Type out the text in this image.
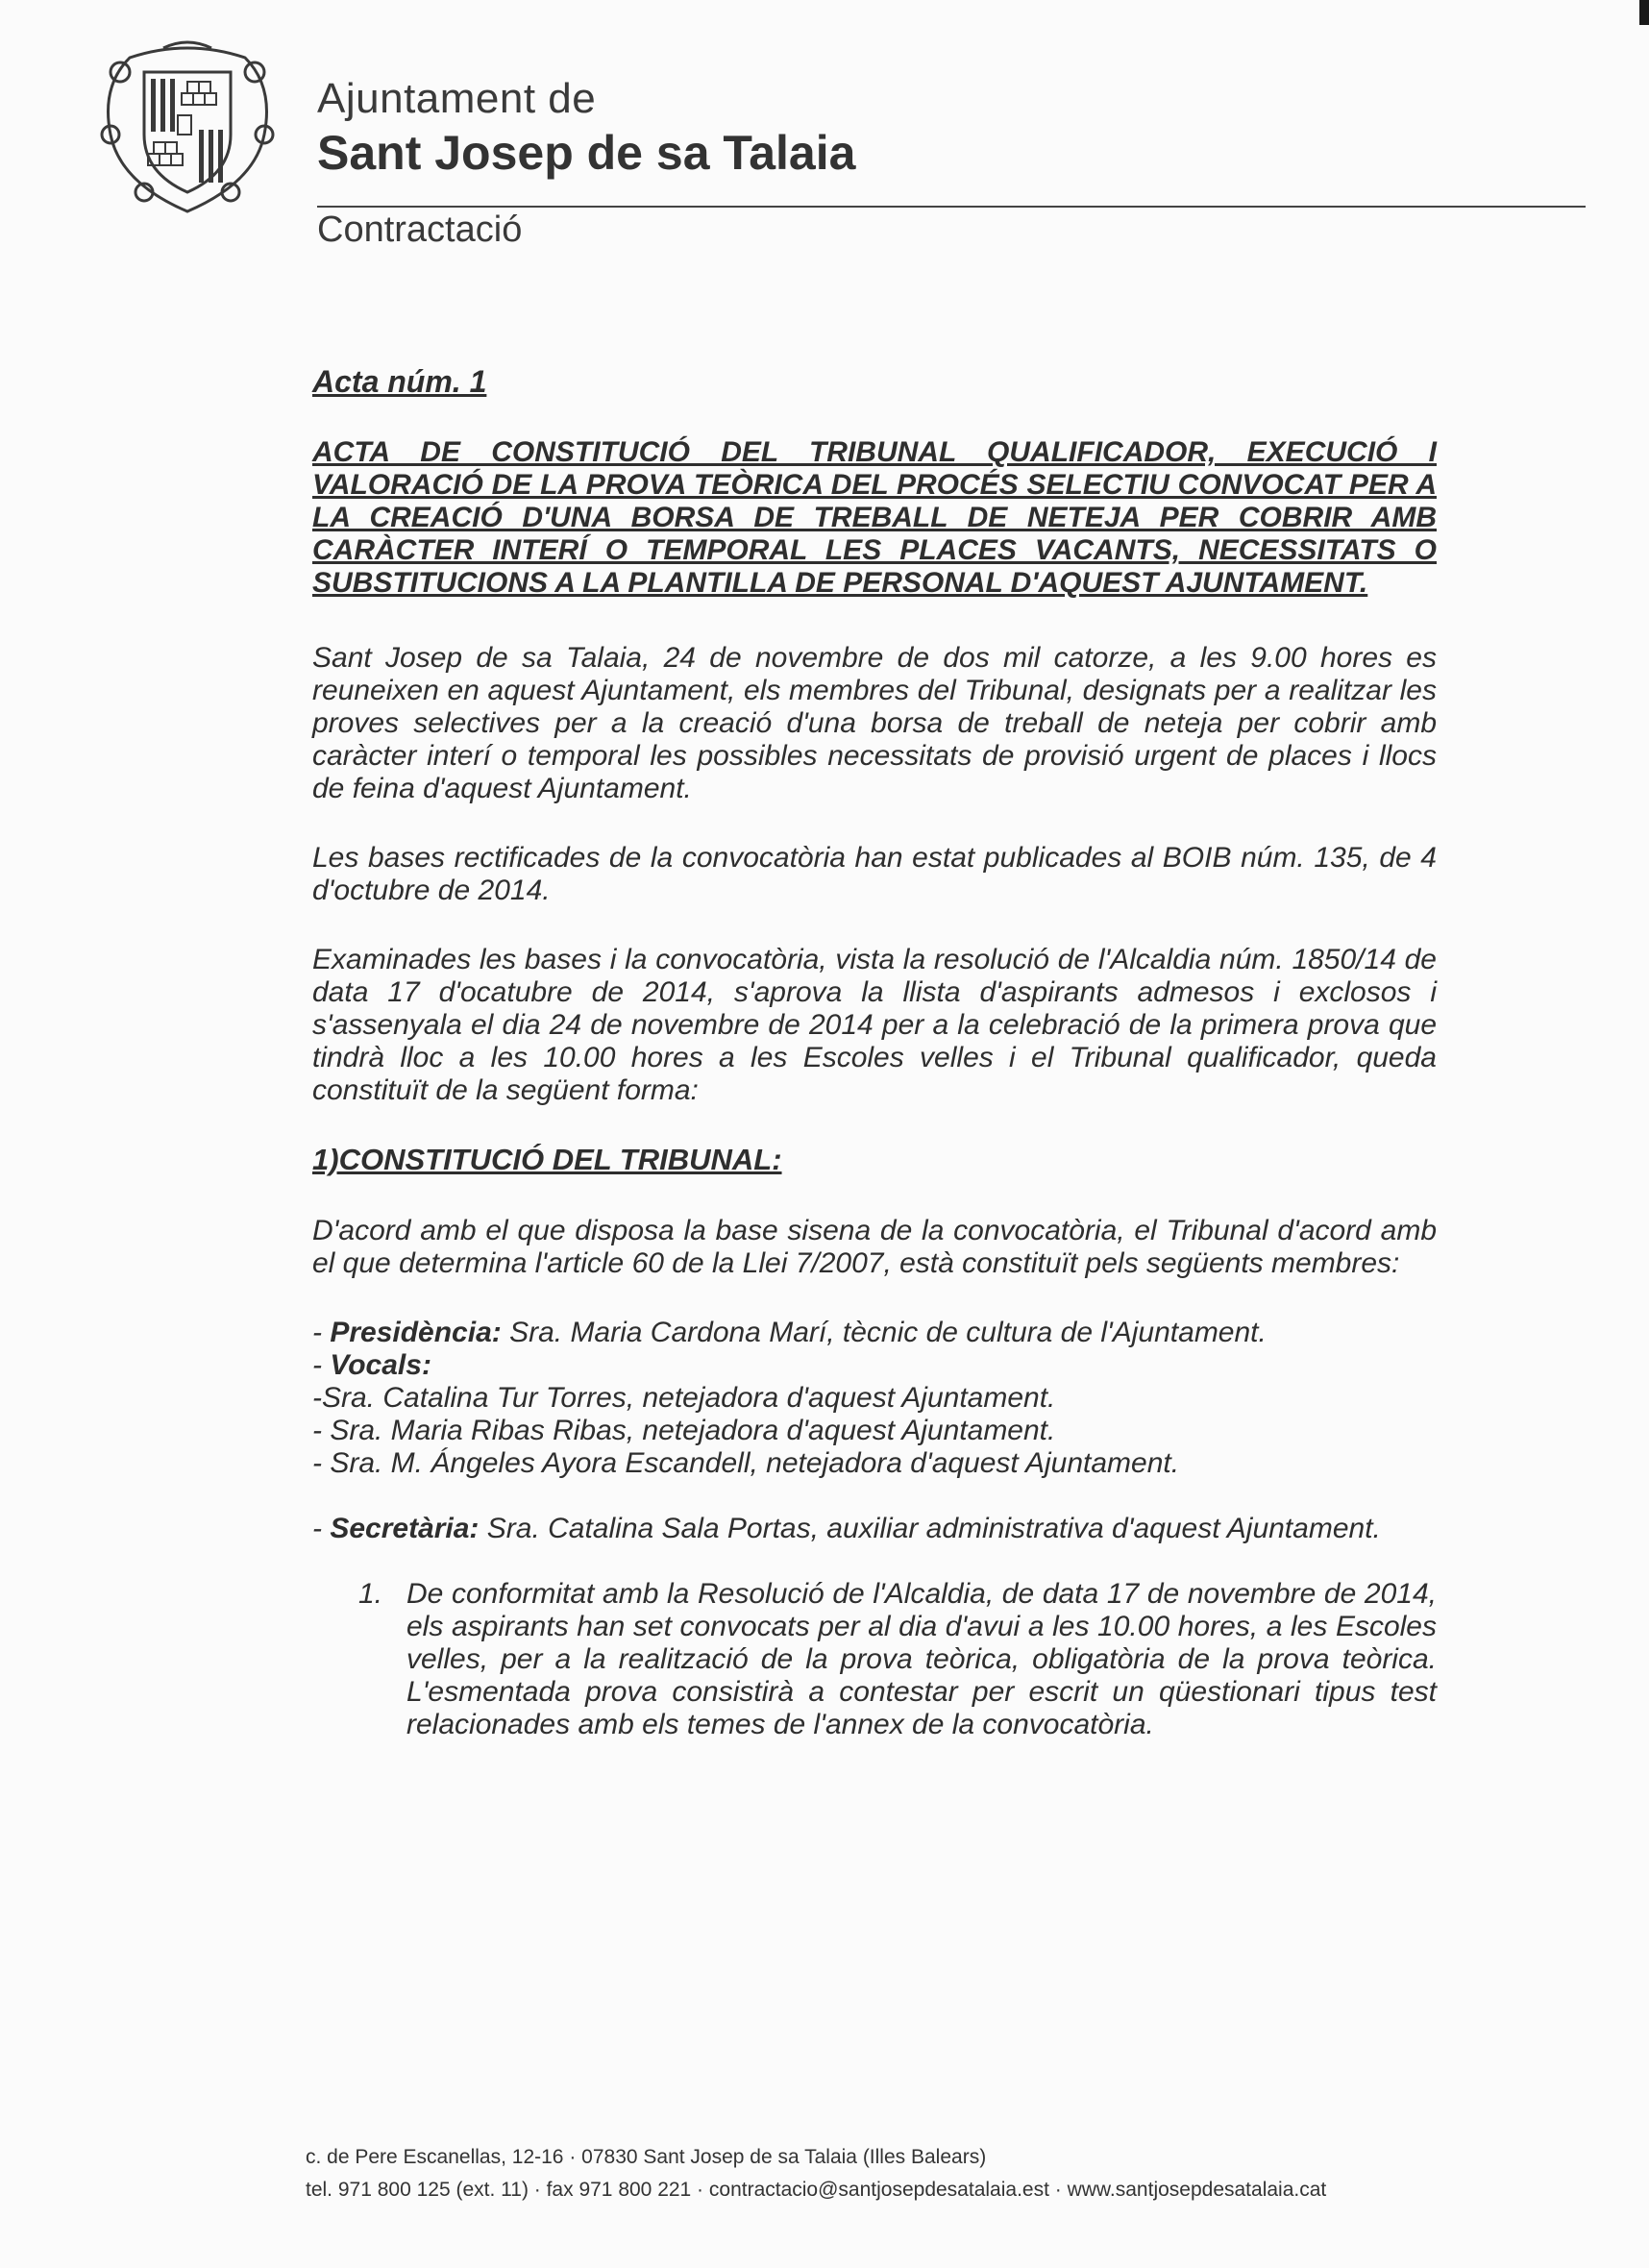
Ajuntament de
Sant Josep de sa Talaia
Contractació
Acta núm. 1
ACTA DE CONSTITUCIÓ DEL TRIBUNAL QUALIFICADOR, EXECUCIÓ I VALORACIÓ DE LA PROVA TEÒRICA DEL PROCÉS SELECTIU CONVOCAT PER A LA CREACIÓ D'UNA BORSA DE TREBALL DE NETEJA PER COBRIR AMB CARÀCTER INTERÍ O TEMPORAL LES PLACES VACANTS, NECESSITATS O SUBSTITUCIONS A LA PLANTILLA DE PERSONAL D'AQUEST AJUNTAMENT.

Sant Josep de sa Talaia, 24 de novembre de dos mil catorze, a les 9.00 hores es reuneixen en aquest Ajuntament, els membres del Tribunal, designats per a realitzar les proves selectives per a la creació d'una borsa de treball de neteja per cobrir amb caràcter interí o temporal les possibles necessitats de provisió urgent de places i llocs de feina d'aquest Ajuntament.

Les bases rectificades de la convocatòria han estat publicades al BOIB núm. 135, de 4 d'octubre de 2014.

Examinades les bases i la convocatòria, vista la resolució de l'Alcaldia núm. 1850/14 de data 17 d'ocatubre de 2014, s'aprova la llista d'aspirants admesos i exclosos i s'assenyala el dia 24 de novembre de 2014 per a la celebració de la primera prova que tindrà lloc a les 10.00 hores a les Escoles velles i el Tribunal qualificador, queda constituït de la següent forma:

1)CONSTITUCIÓ DEL TRIBUNAL:

D'acord amb el que disposa la base sisena de la convocatòria, el Tribunal d'acord amb el que determina l'article 60 de la Llei 7/2007, està constituït pels següents membres:

- Presidència: Sra. Maria Cardona Marí, tècnic de cultura de l'Ajuntament.
- Vocals:
-Sra. Catalina Tur Torres, netejadora d'aquest Ajuntament.
- Sra. Maria Ribas Ribas, netejadora d'aquest Ajuntament.
- Sra. M. Ángeles Ayora Escandell, netejadora d'aquest Ajuntament.
- Secretària: Sra. Catalina Sala Portas, auxiliar administrativa d'aquest Ajuntament.
1. De conformitat amb la Resolució de l'Alcaldia, de data 17 de novembre de 2014, els aspirants han set convocats per al dia d'avui a les 10.00 hores, a les Escoles velles, per a la realització de la prova teòrica, obligatòria de la prova teòrica. L'esmentada prova consistirà a contestar per escrit un qüestionari tipus test relacionades amb els temes de l'annex de la convocatòria.
c. de Pere Escanellas, 12-16 · 07830 Sant Josep de sa Talaia (Illes Balears)
tel. 971 800 125 (ext. 11) · fax 971 800 221 · contractacio@santjosepdesatalaia.est · www.santjosepdesatalaia.cat
